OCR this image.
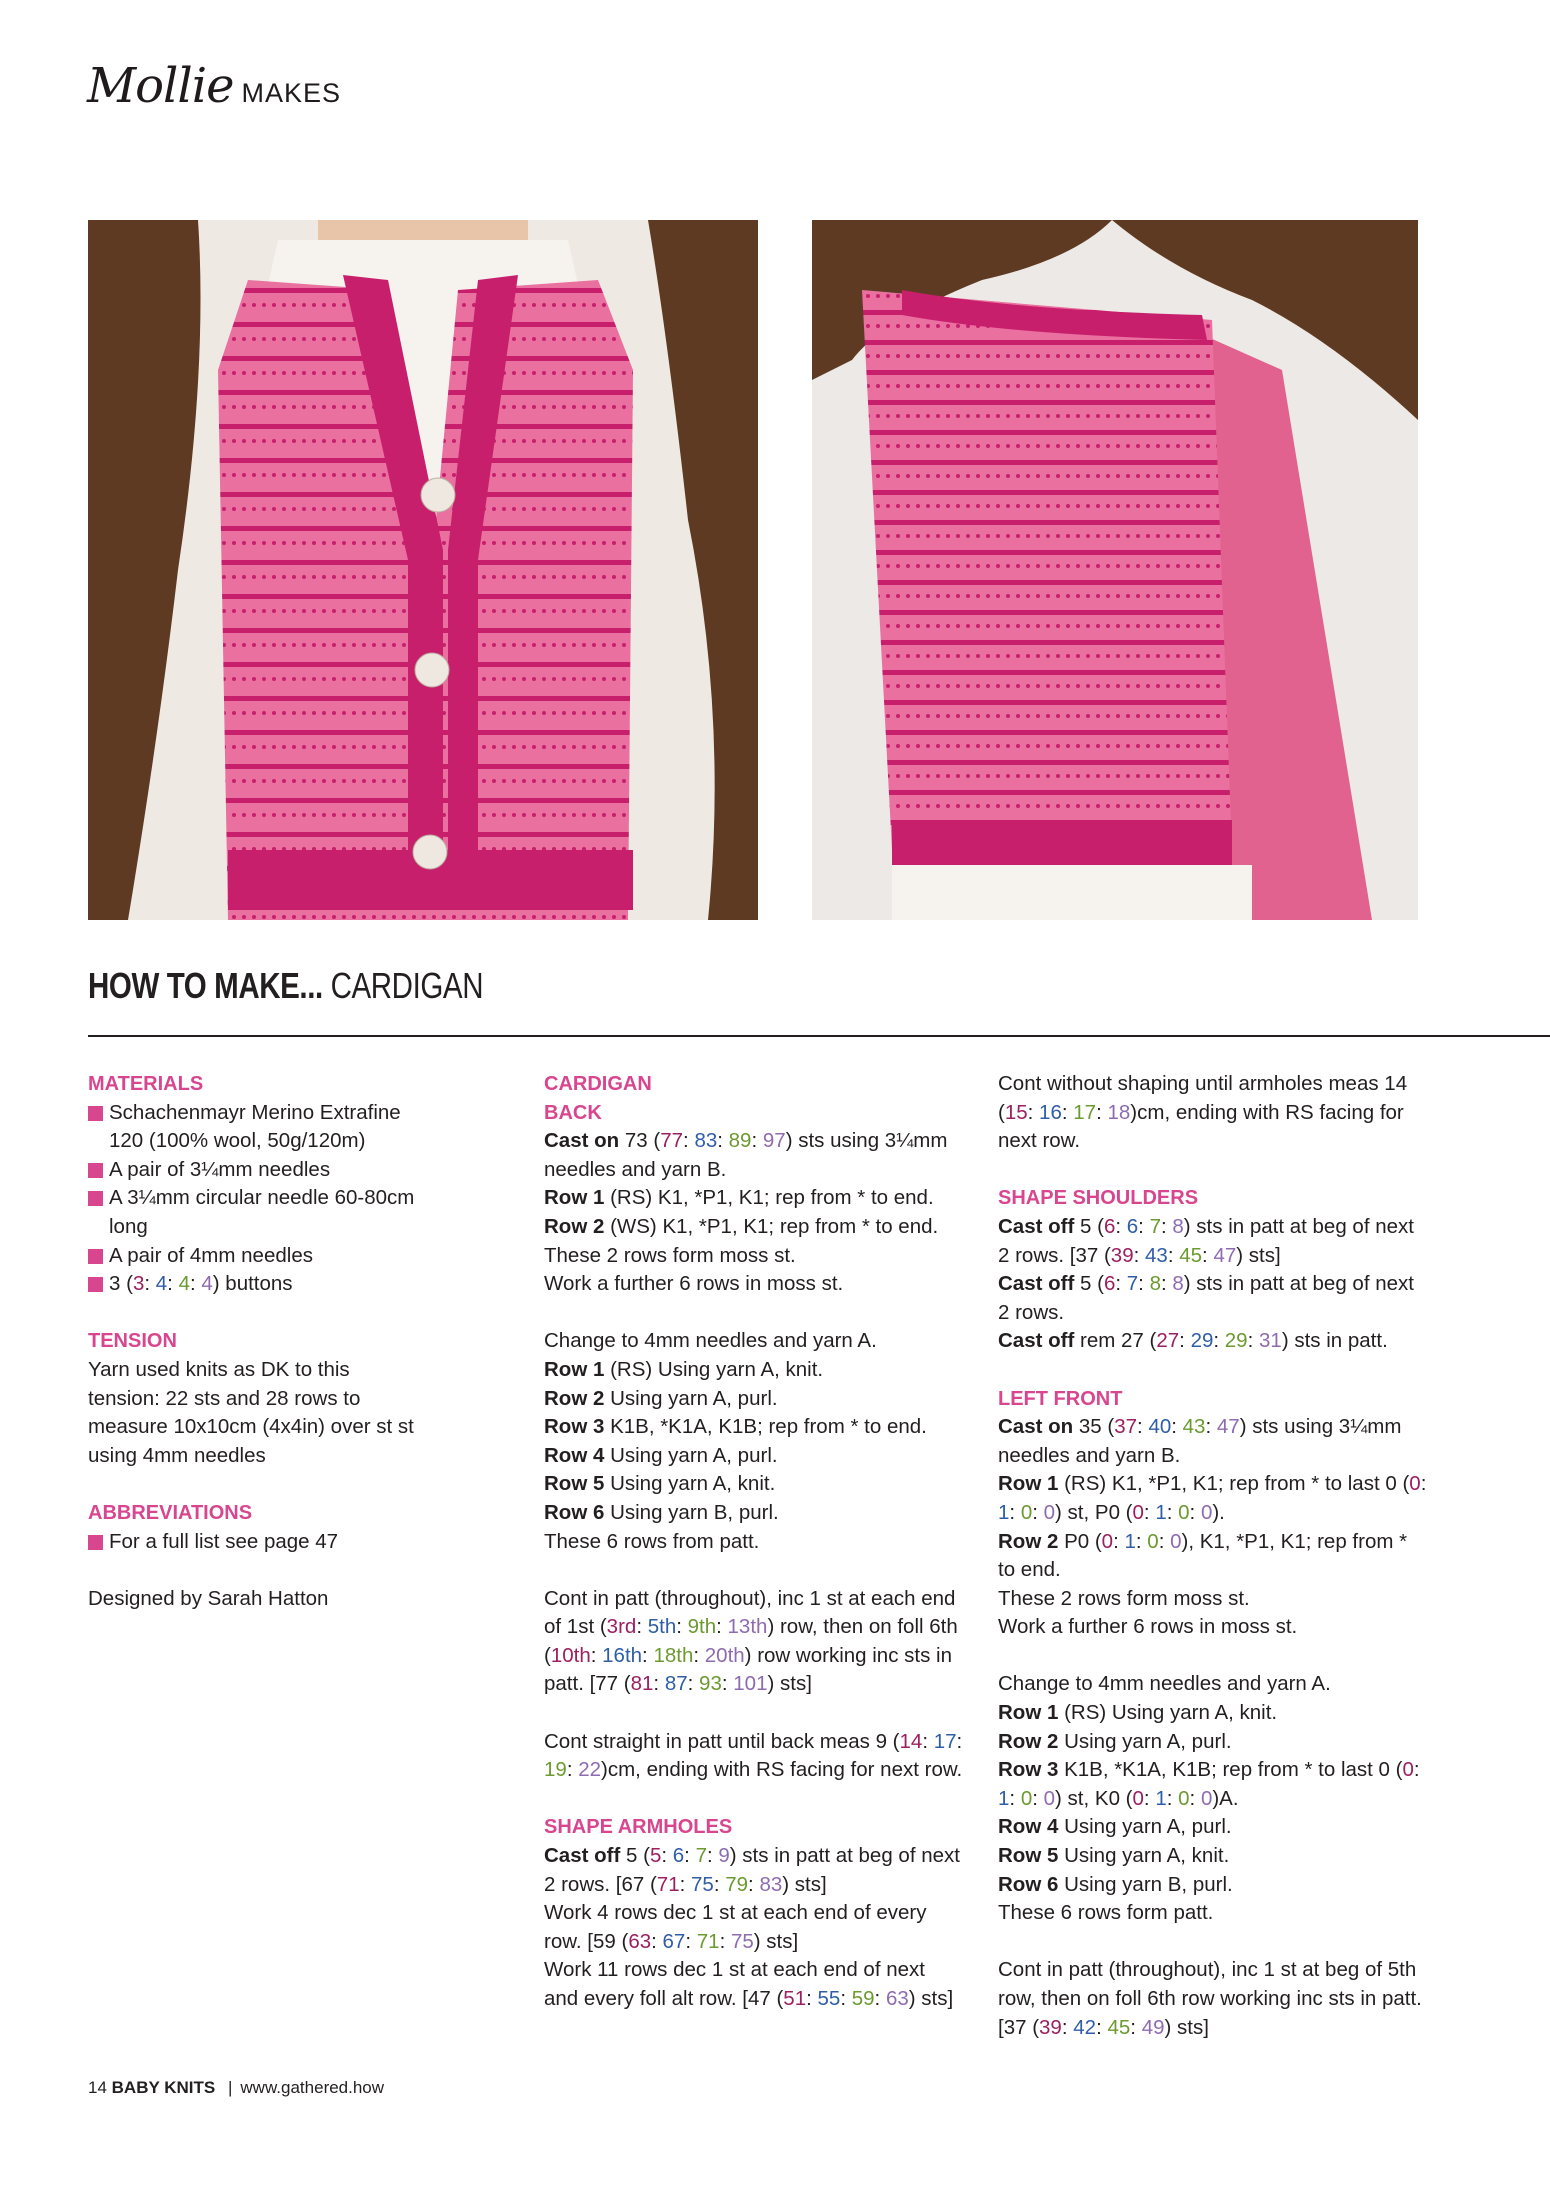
Mollie MAKES
HOW TO MAKE... CARDIGAN
MATERIALS
Schachenmayr Merino Extrafine 120 (100% wool, 50g/120m)
A pair of 3¼mm needles
A 3¼mm circular needle 60-80cm long
A pair of 4mm needles
3 (3: 4: 4: 4) buttons
TENSION
Yarn used knits as DK to this tension: 22 sts and 28 rows to measure 10x10cm (4x4in) over st st using 4mm needles
ABBREVIATIONS
For a full list see page 47
Designed by Sarah Hatton
CARDIGAN
BACK
Cast on 73 (77: 83: 89: 97) sts using 3¼mm needles and yarn B.
Row 1 (RS) K1, *P1, K1; rep from * to end.
Row 2 (WS) K1, *P1, K1; rep from * to end.
These 2 rows form moss st.
Work a further 6 rows in moss st.
Change to 4mm needles and yarn A.
Row 1 (RS) Using yarn A, knit.
Row 2 Using yarn A, purl.
Row 3 K1B, *K1A, K1B; rep from * to end.
Row 4 Using yarn A, purl.
Row 5 Using yarn A, knit.
Row 6 Using yarn B, purl.
These 6 rows from patt.
Cont in patt (throughout), inc 1 st at each end of 1st (3rd: 5th: 9th: 13th) row, then on foll 6th (10th: 16th: 18th: 20th) row working inc sts in patt. [77 (81: 87: 93: 101) sts]
Cont straight in patt until back meas 9 (14: 17: 19: 22)cm, ending with RS facing for next row.
SHAPE ARMHOLES
Cast off 5 (5: 6: 7: 9) sts in patt at beg of next 2 rows. [67 (71: 75: 79: 83) sts]
Work 4 rows dec 1 st at each end of every row. [59 (63: 67: 71: 75) sts]
Work 11 rows dec 1 st at each end of next and every foll alt row. [47 (51: 55: 59: 63) sts]
Cont without shaping until armholes meas 14 (15: 16: 17: 18)cm, ending with RS facing for next row.
SHAPE SHOULDERS
Cast off 5 (6: 6: 7: 8) sts in patt at beg of next 2 rows. [37 (39: 43: 45: 47) sts]
Cast off 5 (6: 7: 8: 8) sts in patt at beg of next 2 rows.
Cast off rem 27 (27: 29: 29: 31) sts in patt.
LEFT FRONT
Cast on 35 (37: 40: 43: 47) sts using 3¼mm needles and yarn B.
Row 1 (RS) K1, *P1, K1; rep from * to last 0 (0: 1: 0: 0) st, P0 (0: 1: 0: 0).
Row 2 P0 (0: 1: 0: 0), K1, *P1, K1; rep from * to end.
These 2 rows form moss st.
Work a further 6 rows in moss st.
Change to 4mm needles and yarn A.
Row 1 (RS) Using yarn A, knit.
Row 2 Using yarn A, purl.
Row 3 K1B, *K1A, K1B; rep from * to last 0 (0: 1: 0: 0) st, K0 (0: 1: 0: 0)A.
Row 4 Using yarn A, purl.
Row 5 Using yarn A, knit.
Row 6 Using yarn B, purl.
These 6 rows form patt.
Cont in patt (throughout), inc 1 st at beg of 5th row, then on foll 6th row working inc sts in patt. [37 (39: 42: 45: 49) sts]
14 BABY KNITS | www.gathered.how
